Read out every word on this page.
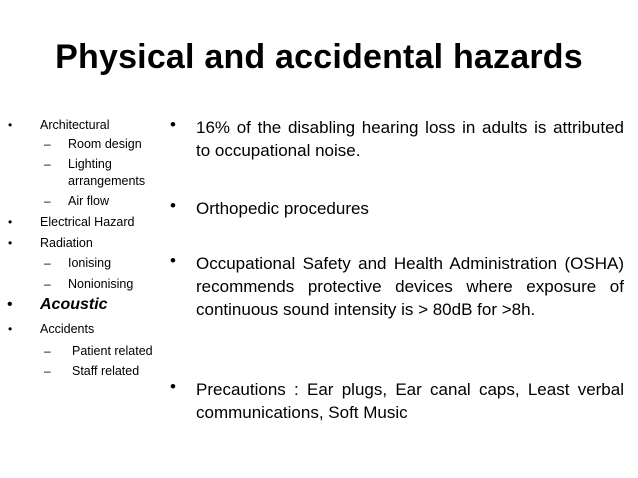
Physical and accidental hazards
• Architectural
– Room design
– Lighting
arrangements
– Air flow
• Electrical Hazard
• Radiation
– Ionising
– Nonionising
• Acoustic
• Accidents
– Patient related
– Staff related
• 16% of the disabling hearing loss in adults is attributed to occupational noise.
• Orthopedic procedures
• Occupational Safety and Health Administration (OSHA) recommends protective devices where exposure of continuous sound intensity is > 80dB for >8h.
• Precautions : Ear plugs, Ear canal caps, Least verbal communications, Soft Music
